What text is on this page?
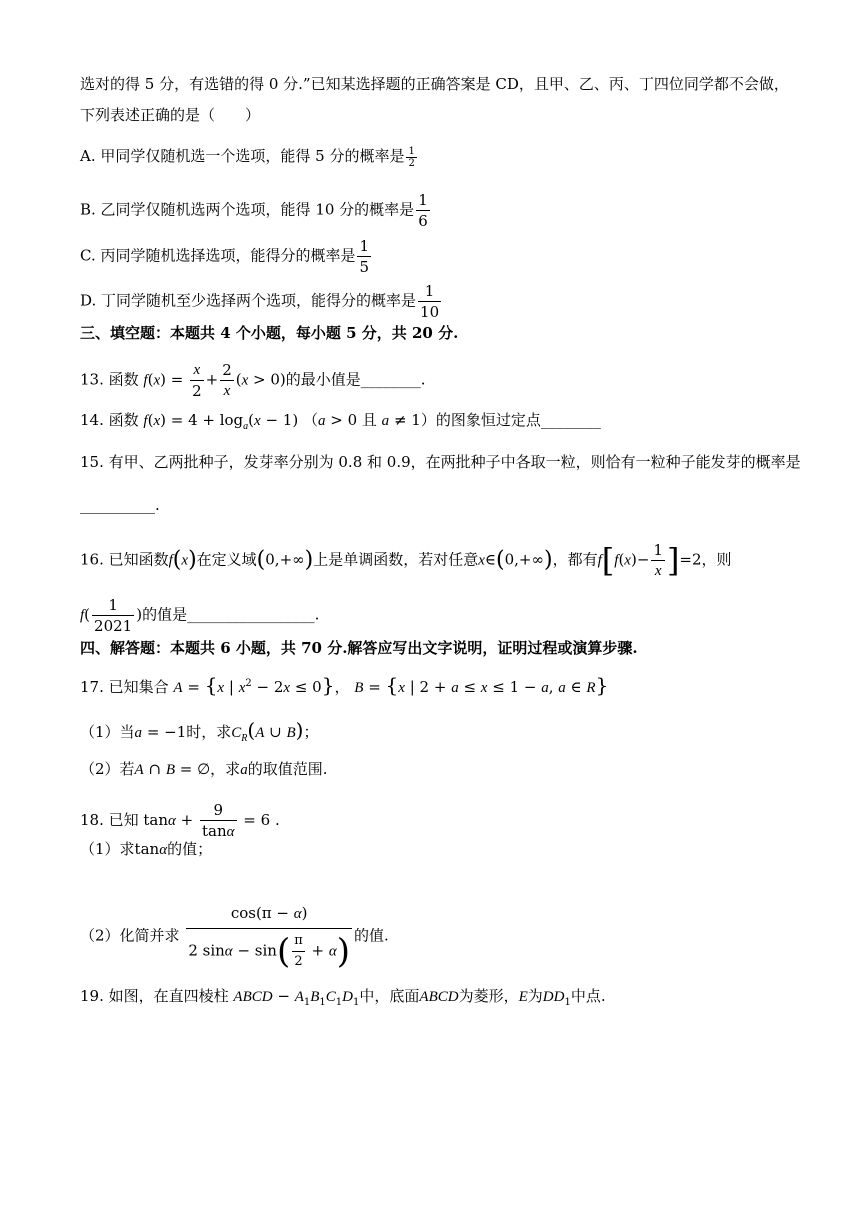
选对的得 5 分，有选错的得 0 分.”已知某选择题的正确答案是 CD，且甲、乙、丙、丁四位同学都不会做，
下列表述正确的是（　　）
A. 甲同学仅随机选一个选项，能得 5 分的概率是 $\frac{1}{2}$
B. 乙同学仅随机选两个选项，能得 10 分的概率是 $\frac{1}{6}$
C. 丙同学随机选择选项，能得分的概率是 $\frac{1}{5}$
D. 丁同学随机至少选择两个选项，能得分的概率是 $\frac{1}{10}$
三、填空题：本题共 4 个小题，每小题 5 分，共 20 分.
13. 函数 $f(x) = \frac{x}{2} + \frac{2}{x} (x > 0)$的最小值是________.
14. 函数 $f(x) = 4 + \log_a(x - 1) (a > 0$ 且 a ≠ 1）的图象恒过定点________
15. 有甲、乙两批种子，发芽率分别为 0.8 和 0.9，在两批种子中各取一粒，则恰有一粒种子能发芽的概率是
__________.
16. 已知函数f(x)在定义域(0,+∞)上是单调函数，若对任意x∈(0,+∞)，都有$f[f(x)- \frac{1}{x} ]=2$，则
$f( \frac{1}{2021}$ )的值是_________________.
四、解答题：本题共 6 小题，共 70 分.解答应写出文字说明，证明过程或演算步骤.
17. 已知集合 A = {x | $x^2 - 2x \le 0$}， B = {x | 2 + a ≤ x ≤ 1 − a, a ∈ R}
（1）当a = −1时，求$C_R(A$ ∪ B)；
（2）若A ∩ B = ∅，求a的取值范围.
18. 已知 $\tan\alpha + \frac{9}{\tan\alpha} = 6$ .
（1）求tanα的值；
（2）化简并求 $\frac{\cos(\pi - \alpha)}{2 \sin\alpha - \sin( \frac{\pi}{2} + \alpha)}$ 的值.
19. 如图，在直四棱柱 ABCD − $A_1B_1C_1D_1$中，底面ABCD为菱形，E为$DD_1$中点.
